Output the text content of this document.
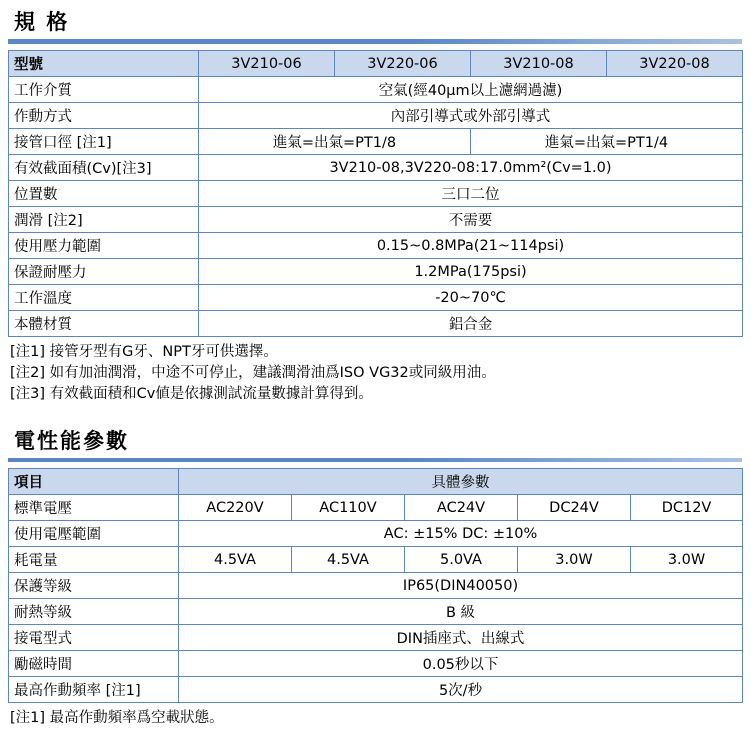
規 格
型號	3V210-06	3V220-06	3V210-08	3V220-08
工作介質	空氣(經40μm以上濾網過濾)			
作動方式	內部引導式或外部引導式			
接管口徑 [注1]	進氣=出氣=PT1/8		進氣=出氣=PT1/4	
有效截面積(Cv)[注3]	3V210-08,3V220-08:17.0mm²(Cv=1.0)			
位置數	三口二位			
潤滑 [注2]	不需要			
使用壓力範圍	0.15~0.8MPa(21~114psi)			
保證耐壓力	1.2MPa(175psi)			
工作溫度	-20~70℃			
本體材質	鋁合金			
[注1] 接管牙型有G牙、NPT牙可供選擇。
[注2] 如有加油潤滑，中途不可停止，建議潤滑油爲ISO VG32或同級用油。
[注3] 有效截面積和Cv値是依據測試流量數據計算得到。
電性能參數
項目	具體參數				
標準電壓	AC220V	AC110V	AC24V	DC24V	DC12V
使用電壓範圍	AC: ±15% DC: ±10%				
耗電量	4.5VA	4.5VA	5.0VA	3.0W	3.0W
保護等級	IP65(DIN40050)				
耐熱等級	B 級				
接電型式	DIN插座式、出線式				
勵磁時間	0.05秒以下				
最高作動頻率 [注1]	5次/秒				
[注1] 最高作動頻率爲空載狀態。
